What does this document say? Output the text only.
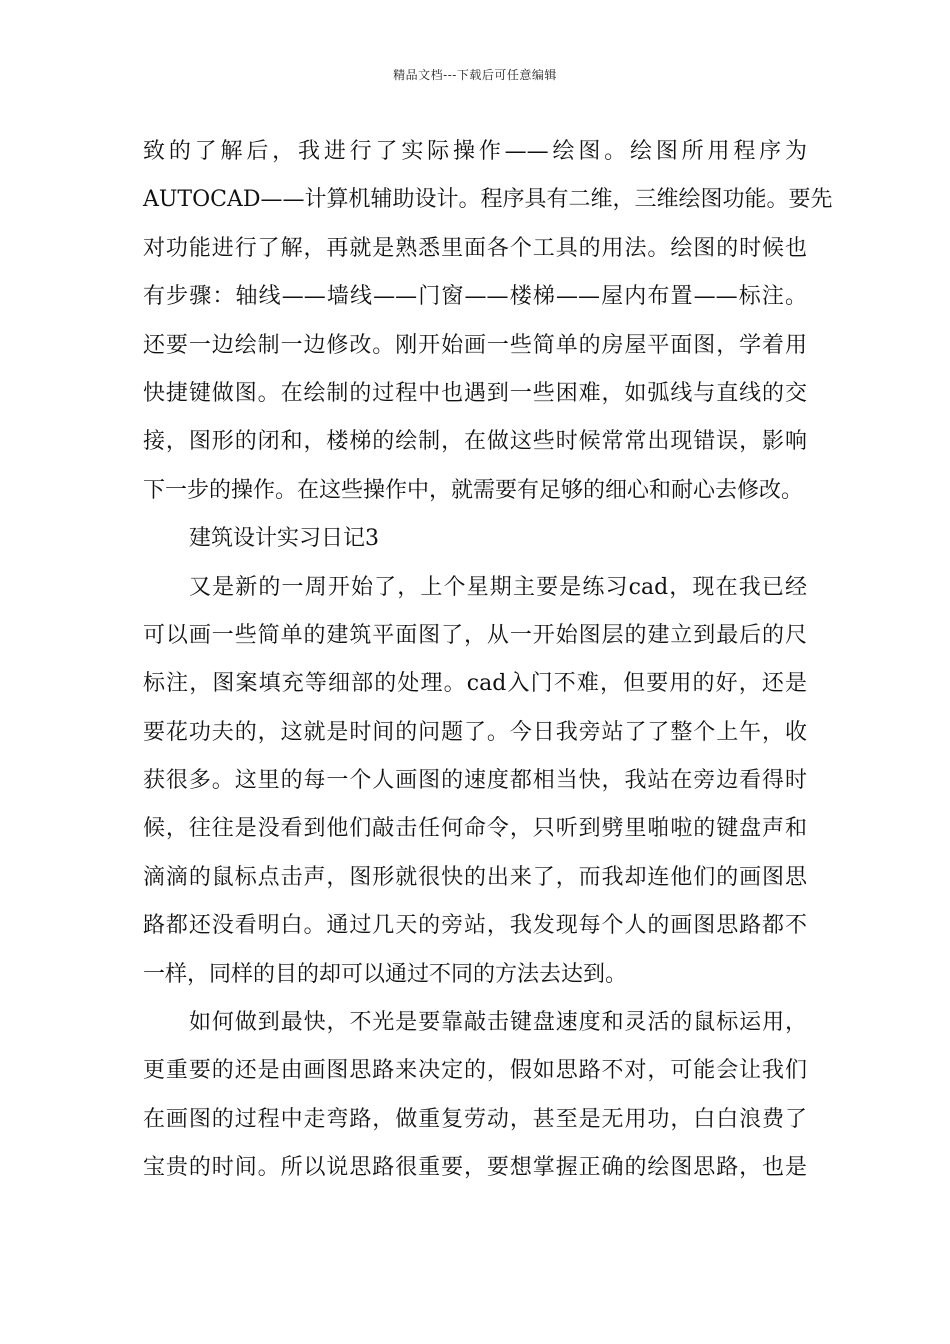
精品文档---下载后可任意编辑
致的了解后，我进行了实际操作——绘图。绘图所用程序为
AUTOCAD——计算机辅助设计。程序具有二维，三维绘图功能。要先
对功能进行了解，再就是熟悉里面各个工具的用法。绘图的时候也
有步骤：轴线——墙线——门窗——楼梯——屋内布置——标注。
还要一边绘制一边修改。刚开始画一些简单的房屋平面图，学着用
快捷键做图。在绘制的过程中也遇到一些困难，如弧线与直线的交
接，图形的闭和，楼梯的绘制，在做这些时候常常出现错误，影响
下一步的操作。在这些操作中，就需要有足够的细心和耐心去修改。
建筑设计实习日记3
又是新的一周开始了，上个星期主要是练习cad，现在我已经
可以画一些简单的建筑平面图了，从一开始图层的建立到最后的尺
标注，图案填充等细部的处理。cad入门不难，但要用的好，还是
要花功夫的，这就是时间的问题了。今日我旁站了了整个上午，收
获很多。这里的每一个人画图的速度都相当快，我站在旁边看得时
候，往往是没看到他们敲击任何命令，只听到劈里啪啦的键盘声和
滴滴的鼠标点击声，图形就很快的出来了，而我却连他们的画图思
路都还没看明白。通过几天的旁站，我发现每个人的画图思路都不
一样，同样的目的却可以通过不同的方法去达到。
如何做到最快，不光是要靠敲击键盘速度和灵活的鼠标运用，
更重要的还是由画图思路来决定的，假如思路不对，可能会让我们
在画图的过程中走弯路，做重复劳动，甚至是无用功，白白浪费了
宝贵的时间。所以说思路很重要，要想掌握正确的绘图思路，也是
